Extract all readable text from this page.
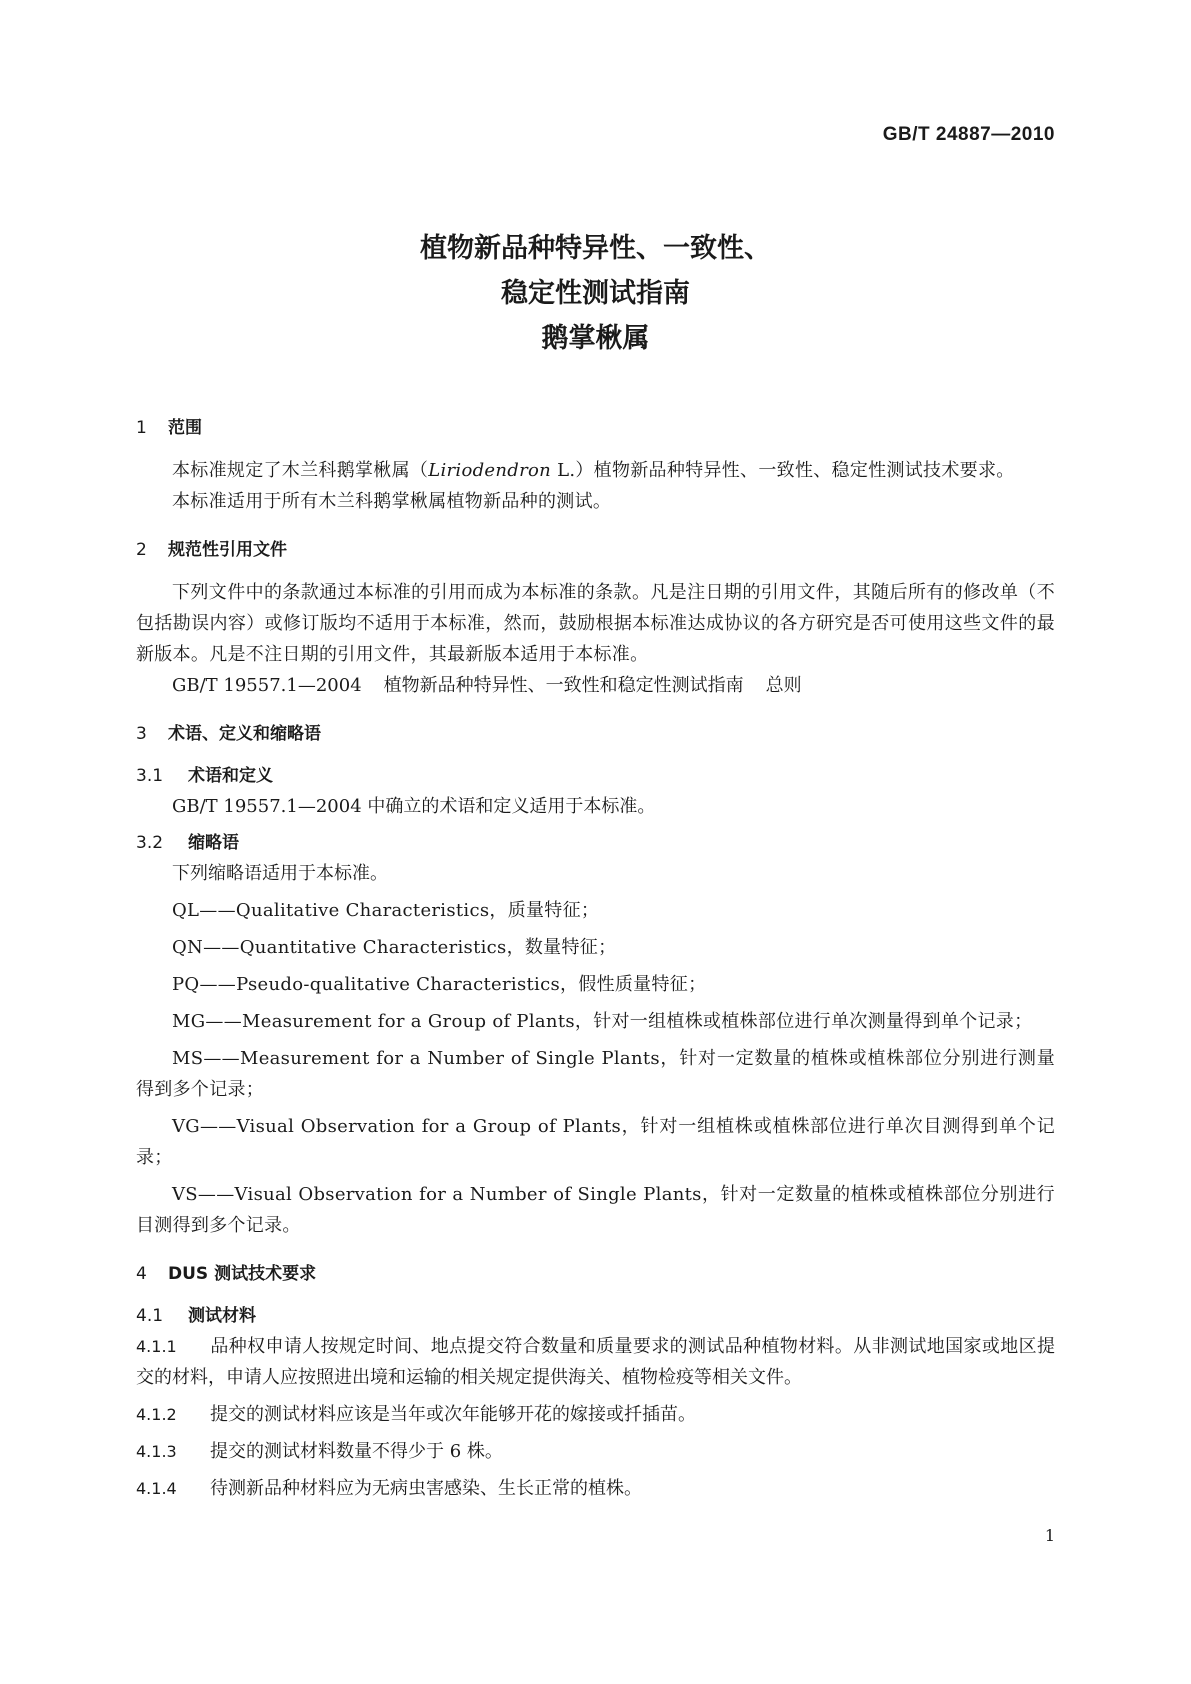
GB/T 24887—2010
植物新品种特异性、一致性、
稳定性测试指南
鹅掌楸属
1 范围
本标准规定了木兰科鹅掌楸属（Liriodendron L.）植物新品种特异性、一致性、稳定性测试技术要求。
本标准适用于所有木兰科鹅掌楸属植物新品种的测试。
2 规范性引用文件
下列文件中的条款通过本标准的引用而成为本标准的条款。凡是注日期的引用文件，其随后所有的修改单（不包括勘误内容）或修订版均不适用于本标准，然而，鼓励根据本标准达成协议的各方研究是否可使用这些文件的最新版本。凡是不注日期的引用文件，其最新版本适用于本标准。
GB/T 19557.1—2004 植物新品种特异性、一致性和稳定性测试指南 总则
3 术语、定义和缩略语
3.1 术语和定义
GB/T 19557.1—2004 中确立的术语和定义适用于本标准。
3.2 缩略语
下列缩略语适用于本标准。
QL——Qualitative Characteristics，质量特征；
QN——Quantitative Characteristics，数量特征；
PQ——Pseudo-qualitative Characteristics，假性质量特征；
MG——Measurement for a Group of Plants，针对一组植株或植株部位进行单次测量得到单个记录；
MS——Measurement for a Number of Single Plants，针对一定数量的植株或植株部位分别进行测量得到多个记录；
VG——Visual Observation for a Group of Plants，针对一组植株或植株部位进行单次目测得到单个记录；
VS——Visual Observation for a Number of Single Plants，针对一定数量的植株或植株部位分别进行目测得到多个记录。
4 DUS 测试技术要求
4.1 测试材料
4.1.1 品种权申请人按规定时间、地点提交符合数量和质量要求的测试品种植物材料。从非测试地国家或地区提交的材料，申请人应按照进出境和运输的相关规定提供海关、植物检疫等相关文件。
4.1.2 提交的测试材料应该是当年或次年能够开花的嫁接或扦插苗。
4.1.3 提交的测试材料数量不得少于 6 株。
4.1.4 待测新品种材料应为无病虫害感染、生长正常的植株。
1
